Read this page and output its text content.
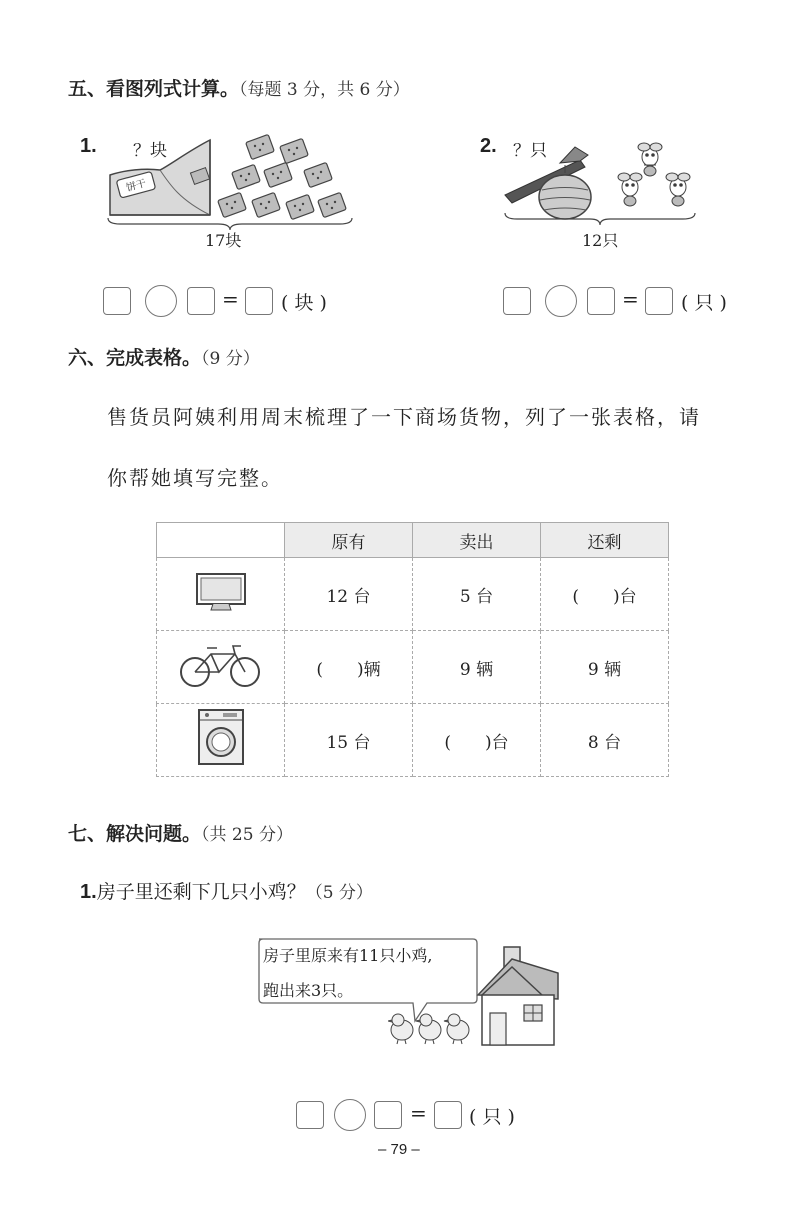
五、看图列式计算。（每题 3 分，共 6 分）
1. ？块
饼干
17块
= ( 块 )
2. ？只
12只
= ( 只 )
六、完成表格。（9 分）
售货员阿姨利用周末梳理了一下商场货物，列了一张表格，请
你帮她填写完整。
	原有	卖出	还剩
	12 台	5 台	(　　)台
	(　　)辆	9 辆	9 辆
	15 台	(　　)台	8 台
七、解决问题。（共 25 分）
1.房子里还剩下几只小鸡？（5 分）
房子里原来有11只小鸡,
跑出来3只。
= ( 只 )
– 79 –
